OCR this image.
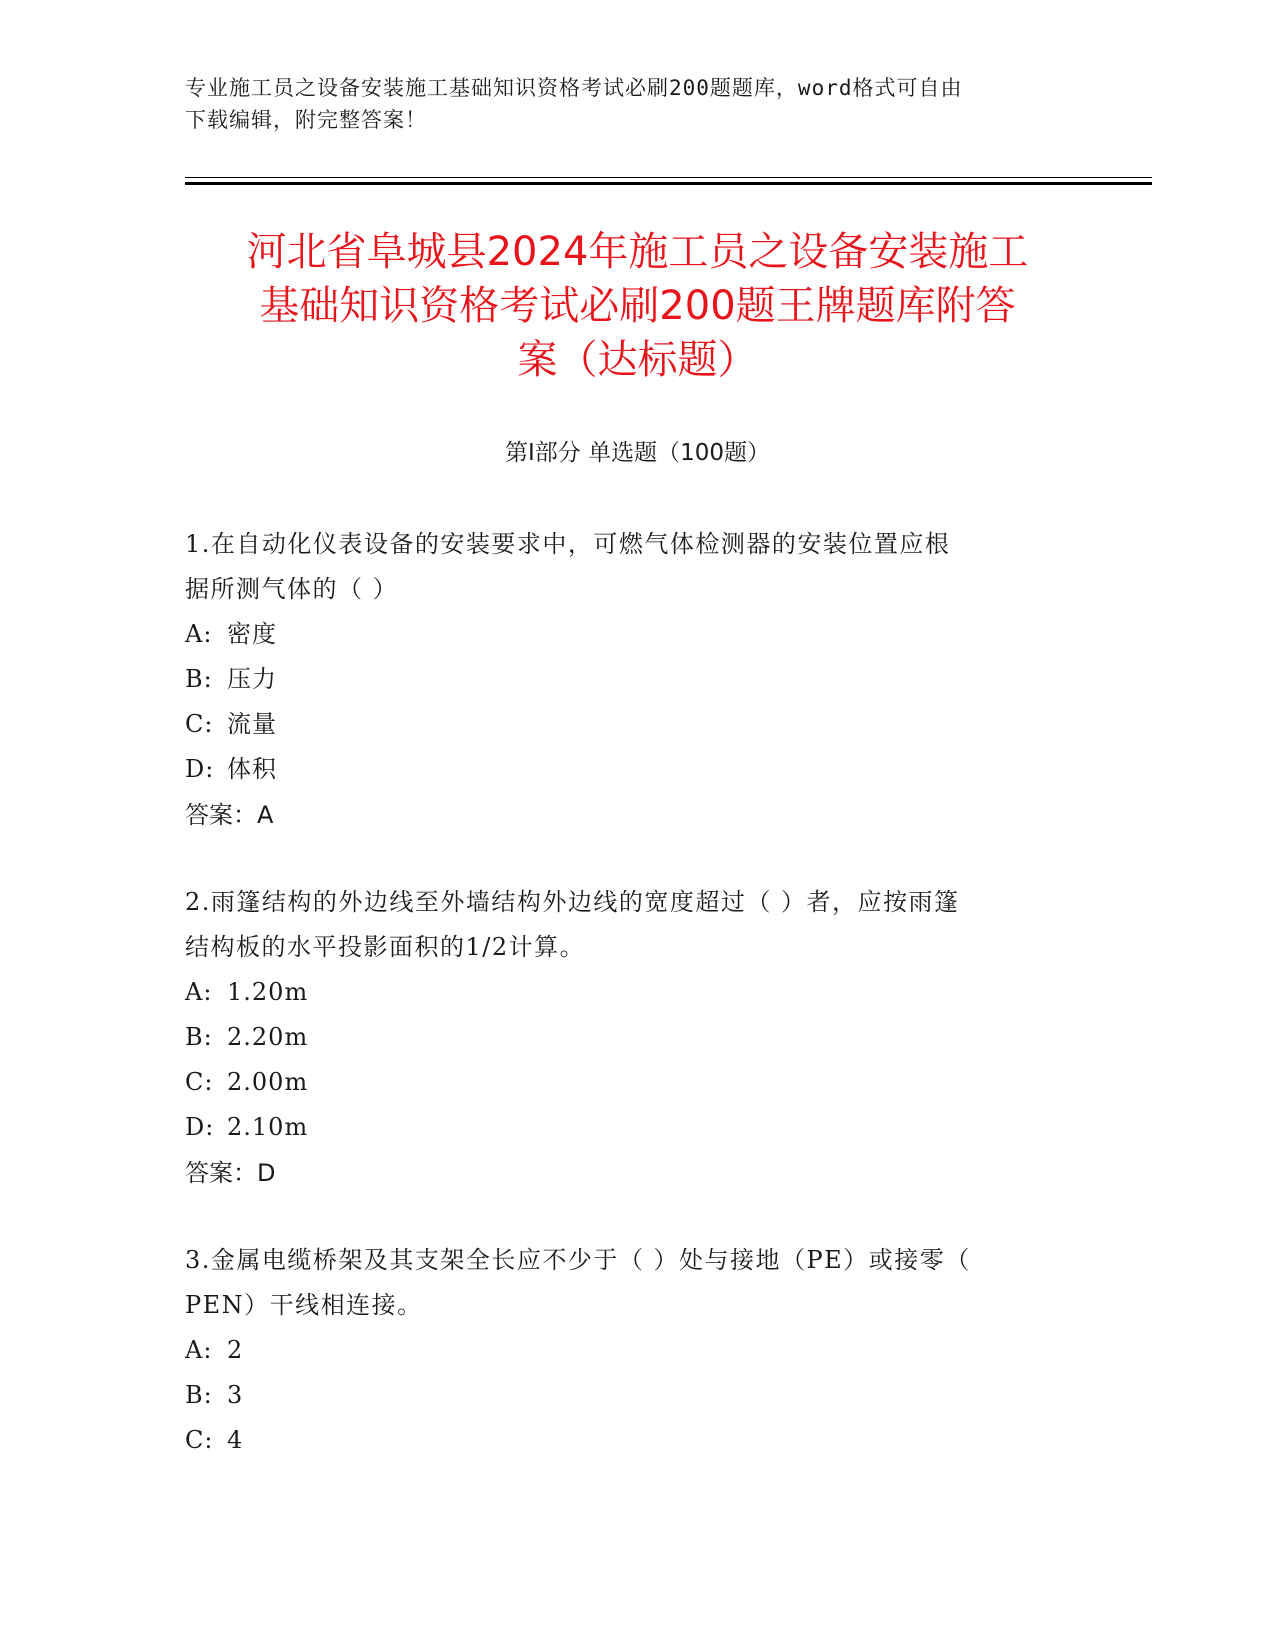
专业施工员之设备安装施工基础知识资格考试必刷200题题库，word格式可自由
下载编辑，附完整答案！
河北省阜城县2024年施工员之设备安装施工
基础知识资格考试必刷200题王牌题库附答
案（达标题）
第Ⅰ部分 单选题（100题）
1.在自动化仪表设备的安装要求中，可燃气体检测器的安装位置应根
据所测气体的（ ）
A: 密度
B: 压力
C: 流量
D: 体积
答案：A
2.雨篷结构的外边线至外墙结构外边线的宽度超过（ ）者，应按雨篷
结构板的水平投影面积的1/2计算。
A: 1.20m
B: 2.20m
C: 2.00m
D: 2.10m
答案：D
3.金属电缆桥架及其支架全长应不少于（ ）处与接地（PE）或接零（
PEN）干线相连接。
A: 2
B: 3
C: 4
